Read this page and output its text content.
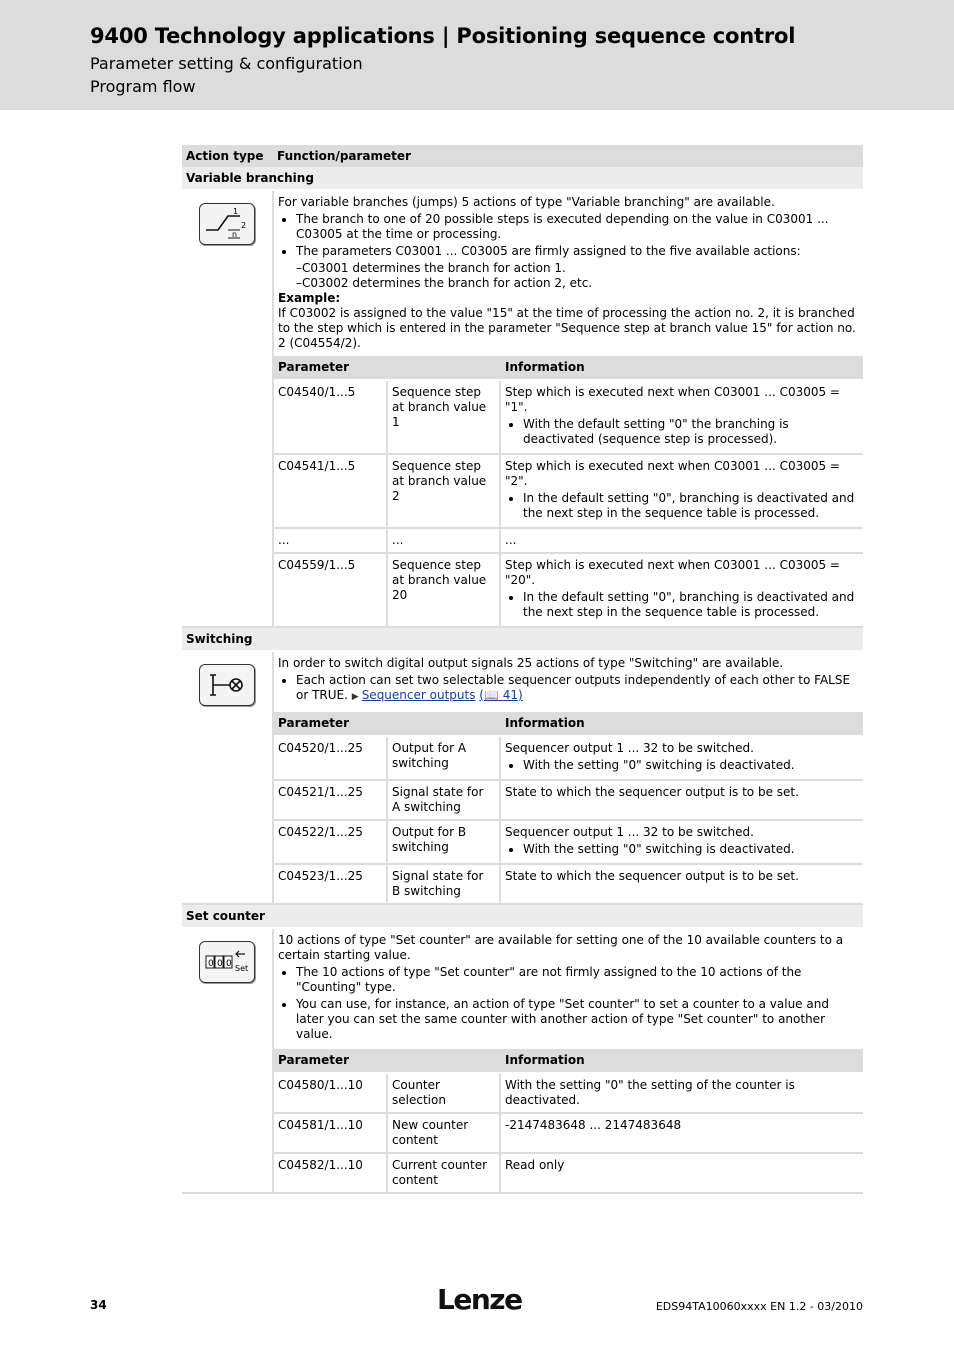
9400 Technology applications | Positioning sequence control
Parameter setting & configuration
Program flow
Action type	Function/parameter
Variable branching

1
2
n

For variable branches (jumps) 5 actions of type "Variable branching" are available.
• The branch to one of 20 possible steps is executed depending on the value in C03001 ... C03005 at the time or processing.
• The parameters C03001 ... C03005 are firmly assigned to the five available actions:
–C03001 determines the branch for action 1.
–C03002 determines the branch for action 2, etc.
Example:
If C03002 is assigned to the value "15" at the time of processing the action no. 2, it is branched to the step which is entered in the parameter "Sequence step at branch value 15" for action no. 2 (C04554/2).
Parameter	Information
C04540/1...5	Sequence step at branch value 1	
Step which is executed next when C03001 ... C03005 = "1".
• With the default setting "0" the branching is deactivated (sequence step is processed).

C04541/1...5	Sequence step at branch value 2	
Step which is executed next when C03001 ... C03005 = "2".
• In the default setting "0", branching is deactivated and the next step in the sequence table is processed.

...	...	...
C04559/1...5	Sequence step at branch value 20	
Step which is executed next when C03001 ... C03005 = "20".
• In the default setting "0", branching is deactivated and the next step in the sequence table is processed.

Switching

In order to switch digital output signals 25 actions of type "Switching" are available.
• Each action can set two selectable sequencer outputs independently of each other to FALSE or TRUE. ▶ Sequencer outputs (📖 41)
Parameter	Information
C04520/1...25	Output for A switching	
Sequencer output 1 ... 32 to be switched.
• With the setting "0" switching is deactivated.

C04521/1...25	Signal state for A switching	State to which the sequencer output is to be set.
C04522/1...25	Output for B switching	
Sequencer output 1 ... 32 to be switched.
• With the setting "0" switching is deactivated.

C04523/1...25	Signal state for B switching	State to which the sequencer output is to be set.

Set counter

0 0 0 Set

10 actions of type "Set counter" are available for setting one of the 10 available counters to a certain starting value.
• The 10 actions of type "Set counter" are not firmly assigned to the 10 actions of the "Counting" type.
• You can use, for instance, an action of type "Set counter" to set a counter to a value and later you can set the same counter with another action of type "Set counter" to another value.
Parameter	Information
C04580/1...10	Counter selection	With the setting "0" the setting of the counter is deactivated.
C04581/1...10	New counter content	-2147483648 ... 2147483648
C04582/1...10	Current counter content	Read only
34	Lenze	EDS94TA10060xxxx EN 1.2 - 03/2010
